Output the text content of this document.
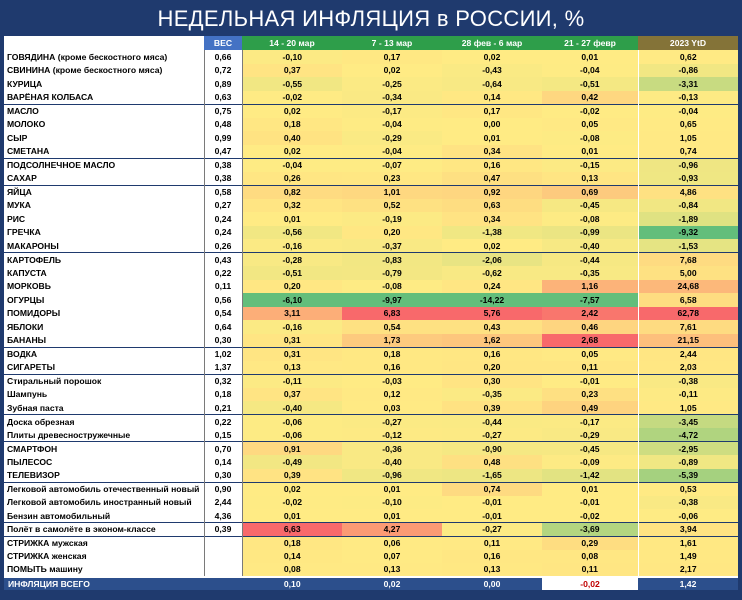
НЕДЕЛЬНАЯ ИНФЛЯЦИЯ в РОССИИ, %
	ВЕС	14 - 20 мар	7 - 13 мар	28 фев - 6 мар	21 - 27 февр	2023 YtD
ГОВЯДИНА (кроме бескостного мяса)	0,66	-0,10	0,17	0,02	0,01	0,62
СВИНИНА (кроме бескостного мяса)	0,72	0,37	0,02	-0,43	-0,04	-0,86
КУРИЦА	0,89	-0,55	-0,25	-0,64	-0,51	-3,31
ВАРЁНАЯ КОЛБАСА	0,63	-0,02	-0,34	0,14	0,42	-0,13
МАСЛО	0,75	0,02	-0,17	0,17	-0,02	-0,04
МОЛОКО	0,48	0,18	-0,04	0,00	0,05	0,65
СЫР	0,99	0,40	-0,29	0,01	-0,08	1,05
СМЕТАНА	0,47	0,02	-0,04	0,34	0,01	0,74
ПОДСОЛНЕЧНОЕ МАСЛО	0,38	-0,04	-0,07	0,16	-0,15	-0,96
САХАР	0,38	0,26	0,23	0,47	0,13	-0,93
ЯЙЦА	0,58	0,82	1,01	0,92	0,69	4,86
МУКА	0,27	0,32	0,52	0,63	-0,45	-0,84
РИС	0,24	0,01	-0,19	0,34	-0,08	-1,89
ГРЕЧКА	0,24	-0,56	0,20	-1,38	-0,99	-9,32
МАКАРОНЫ	0,26	-0,16	-0,37	0,02	-0,40	-1,53
КАРТОФЕЛЬ	0,43	-0,28	-0,83	-2,06	-0,44	7,68
КАПУСТА	0,22	-0,51	-0,79	-0,62	-0,35	5,00
МОРКОВЬ	0,11	0,20	-0,08	0,24	1,16	24,68
ОГУРЦЫ	0,56	-6,10	-9,97	-14,22	-7,57	6,58
ПОМИДОРЫ	0,54	3,11	6,83	5,76	2,42	62,78
ЯБЛОКИ	0,64	-0,16	0,54	0,43	0,46	7,61
БАНАНЫ	0,30	0,31	1,73	1,62	2,68	21,15
ВОДКА	1,02	0,31	0,18	0,16	0,05	2,44
СИГАРЕТЫ	1,37	0,13	0,16	0,20	0,11	2,03
Стиральный порошок	0,32	-0,11	-0,03	0,30	-0,01	-0,38
Шампунь	0,18	0,37	0,12	-0,35	0,23	-0,11
Зубная паста	0,21	-0,40	0,03	0,39	0,49	1,05
Доска обрезная	0,22	-0,06	-0,27	-0,44	-0,17	-3,45
Плиты древесностружечные	0,15	-0,06	-0,12	-0,27	-0,29	-4,72
СМАРТФОН	0,70	0,91	-0,36	-0,90	-0,45	-2,95
ПЫЛЕСОС	0,14	-0,49	-0,40	0,48	-0,09	-0,89
ТЕЛЕВИЗОР	0,30	0,39	-0,96	-1,65	-1,42	-5,39
Легковой автомобиль отечественный новый	0,90	0,02	0,01	0,74	0,01	0,53
Легковой автомобиль иностранный новый	2,44	-0,02	-0,10	-0,01	-0,01	-0,38
Бензин автомобильный	4,36	0,01	0,01	-0,01	-0,02	-0,06
Полёт в самолёте в эконом-классе	0,39	6,63	4,27	-0,27	-3,69	3,94
СТРИЖКА мужская		0,18	0,06	0,11	0,29	1,61
СТРИЖКА женская		0,14	0,07	0,16	0,08	1,49
ПОМЫТЬ машину		0,08	0,13	0,13	0,11	2,17
ИНФЛЯЦИЯ ВСЕГО		0,10	0,02	0,00	-0,02	1,42
